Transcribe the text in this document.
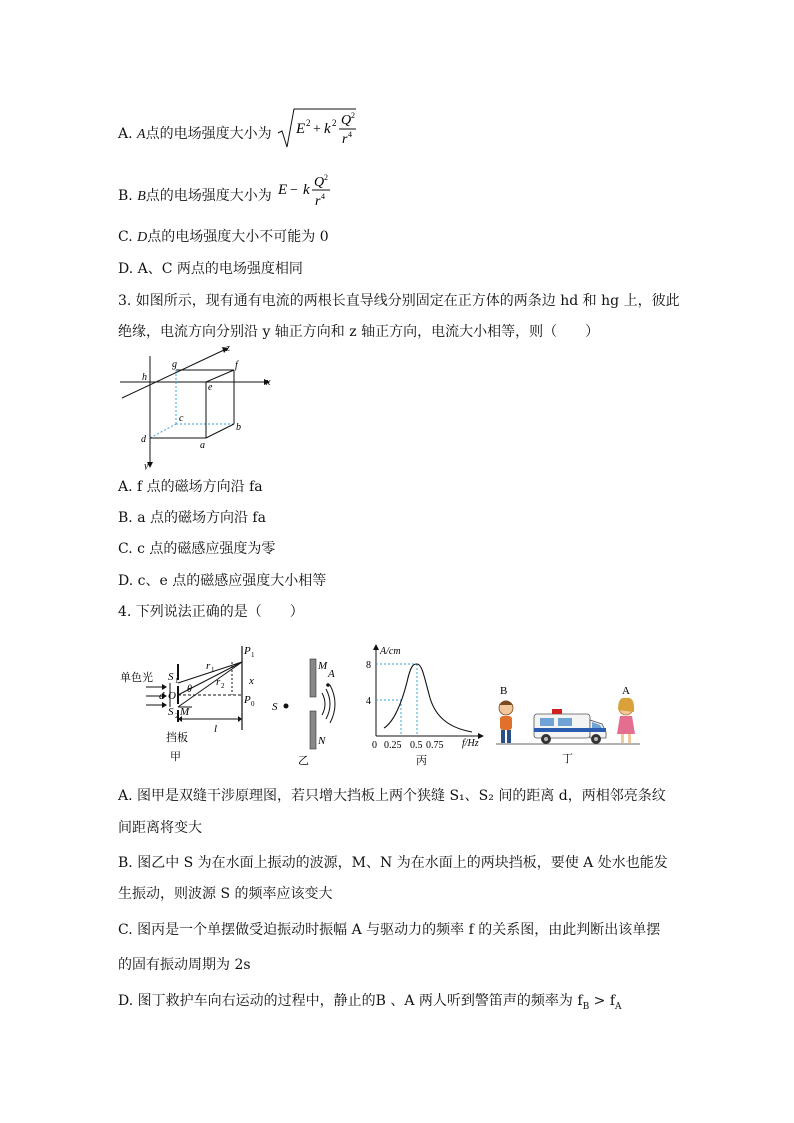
A. A点的电场强度大小为 E 2 + k 2 Q 2
r 4
B. B点的电场强度大小为 E − k Q 2
r 4
C. D点的电场强度大小不可能为 0
D. A、C 两点的电场强度相同
3. 如图所示，现有通有电流的两根长直导线分别固定在正方体的两条边 hd 和 hg 上，彼此
绝缘，电流方向分别沿 y 轴正方向和 z 轴正方向，电流大小相等，则（　　）
h
g
z
f
e	x
c
b
d
a
y
A. f 点的磁场方向沿 fa
B. a 点的磁场方向沿 fa
C. c 点的磁感应强度为零
D. c、e 点的磁感应强度大小相等
4. 下列说法正确的是（　　）
单色光 S 1
d O
S 2 M
θ
r 1
r 2
P 1
P 0
x
l
挡板
甲
S
M
A
N
乙
A/cm
f/Hz
8
4
0 0.25 0.5 0.75
丙
B	A
丁
A. 图甲是双缝干涉原理图，若只增大挡板上两个狭缝 S₁、S₂ 间的距离 d，两相邻亮条纹
间距离将变大
B. 图乙中 S 为在水面上振动的波源，M、N 为在水面上的两块挡板，要使 A 处水也能发
生振动，则波源 S 的频率应该变大
C. 图丙是一个单摆做受迫振动时振幅 A 与驱动力的频率 f 的关系图，由此判断出该单摆
的固有振动周期为 2s
D. 图丁救护车向右运动的过程中，静止的B 、A 两人听到警笛声的频率为 $f_B > f_A$
